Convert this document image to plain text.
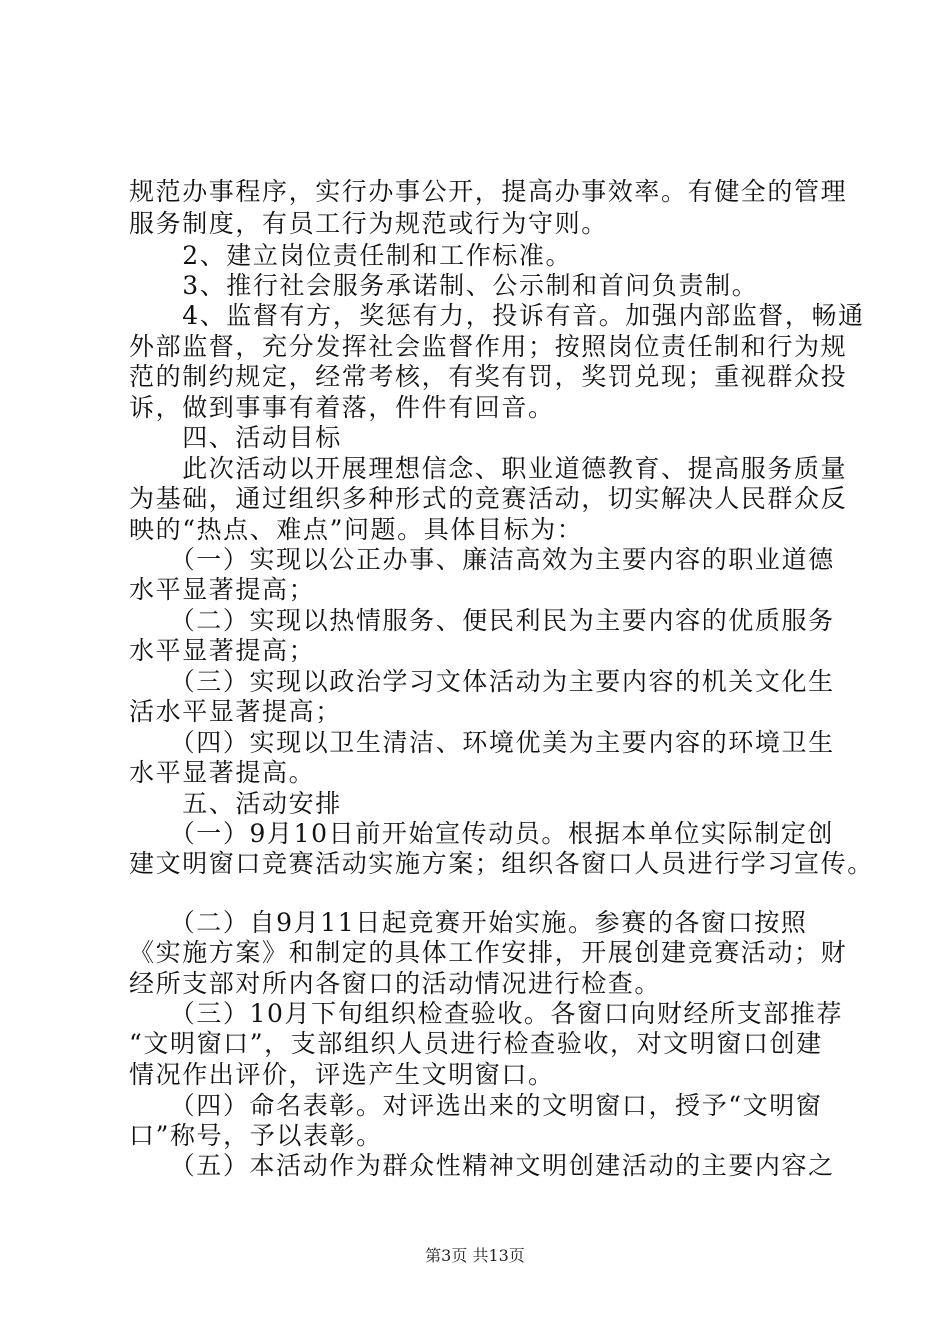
规范办事程序，实行办事公开，提高办事效率。有健全的管理
服务制度，有员工行为规范或行为守则。
　　2、建立岗位责任制和工作标准。
　　3、推行社会服务承诺制、公示制和首问负责制。
　　4、监督有方，奖惩有力，投诉有音。加强内部监督，畅通
外部监督，充分发挥社会监督作用；按照岗位责任制和行为规
范的制约规定，经常考核，有奖有罚，奖罚兑现；重视群众投
诉，做到事事有着落，件件有回音。
　　四、活动目标
　　此次活动以开展理想信念、职业道德教育、提高服务质量
为基础，通过组织多种形式的竞赛活动，切实解决人民群众反
映的“热点、难点”问题。具体目标为：
　　（一）实现以公正办事、廉洁高效为主要内容的职业道德
水平显著提高；
　　（二）实现以热情服务、便民利民为主要内容的优质服务
水平显著提高；
　　（三）实现以政治学习文体活动为主要内容的机关文化生
活水平显著提高；
　　（四）实现以卫生清洁、环境优美为主要内容的环境卫生
水平显著提高。
　　五、活动安排
　　（一）9月10日前开始宣传动员。根据本单位实际制定创
建文明窗口竞赛活动实施方案；组织各窗口人员进行学习宣传。
　　（二）自9月11日起竞赛开始实施。参赛的各窗口按照
《实施方案》和制定的具体工作安排，开展创建竞赛活动；财
经所支部对所内各窗口的活动情况进行检查。
　　（三）10月下旬组织检查验收。各窗口向财经所支部推荐
“文明窗口”，支部组织人员进行检查验收，对文明窗口创建
情况作出评价，评选产生文明窗口。
　　（四）命名表彰。对评选出来的文明窗口，授予“文明窗
口”称号，予以表彰。
　　（五）本活动作为群众性精神文明创建活动的主要内容之
第3页 共13页
